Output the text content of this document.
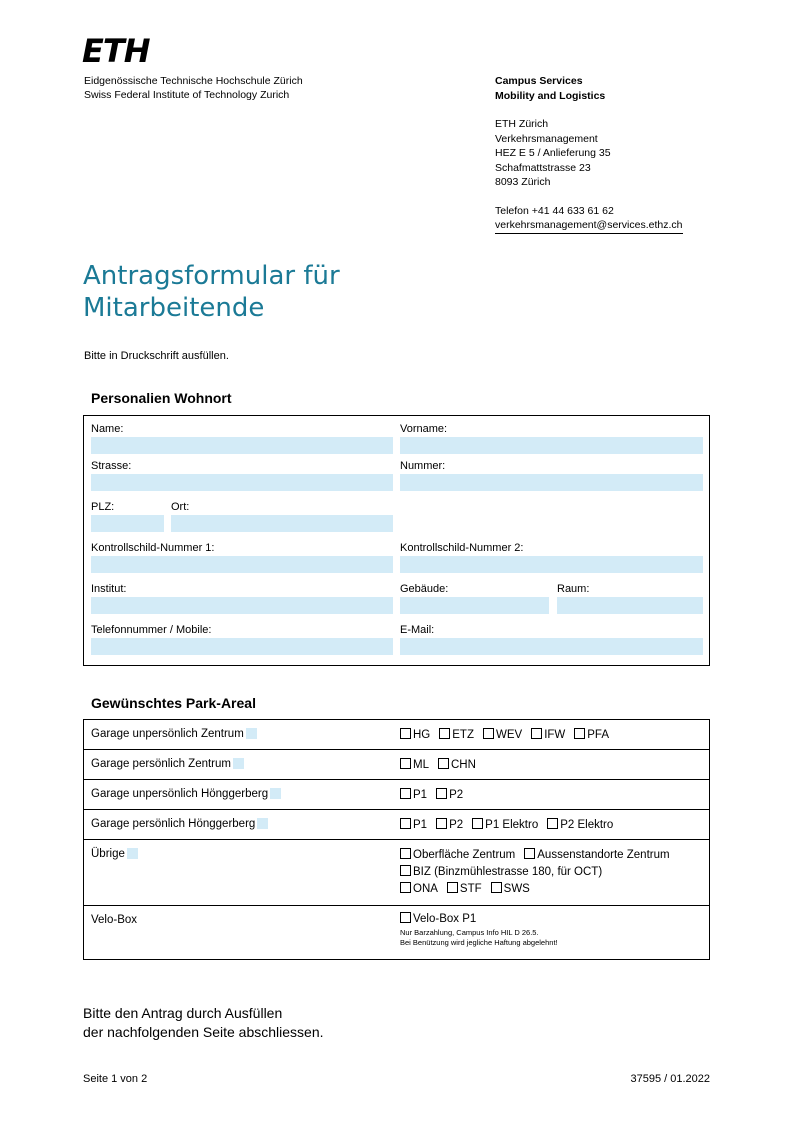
ETH
Eidgenössische Technische Hochschule Zürich
Swiss Federal Institute of Technology Zurich
Campus Services
Mobility and Logistics
ETH Zürich
Verkehrsmanagement
HEZ E 5 / Anlieferung 35
Schafmattstrasse 23
8093 Zürich
Telefon +41 44 633 61 62
verkehrsmanagement@services.ethz.ch
Antragsformular für
Mitarbeitende
Bitte in Druckschrift ausfüllen.
Personalien Wohnort
Name:	Vorname:
Strasse:	Nummer:
PLZ:	Ort:
Kontrollschild-Nummer 1:	Kontrollschild-Nummer 2:
Institut:	Gebäude:	Raum:
Telefonnummer / Mobile:	E-Mail:
Gewünschtes Park-Areal
Garage unpersönlich Zentrum	HG ETZ WEV IFW PFA
Garage persönlich Zentrum	ML CHN
Garage unpersönlich Hönggerberg	P1 P2
Garage persönlich Hönggerberg	P1 P2 P1 Elektro P2 Elektro
Übrige	Oberfläche Zentrum Aussenstandorte Zentrum
BIZ (Binzmühlestrasse 180, für OCT)
ONA STF SWS
Velo-Box	Velo-Box P1
Nur Barzahlung, Campus Info HIL D 26.5.
Bei Benützung wird jegliche Haftung abgelehnt!
Bitte den Antrag durch Ausfüllen
der nachfolgenden Seite abschliessen.
Seite 1 von 2	37595 / 01.2022
